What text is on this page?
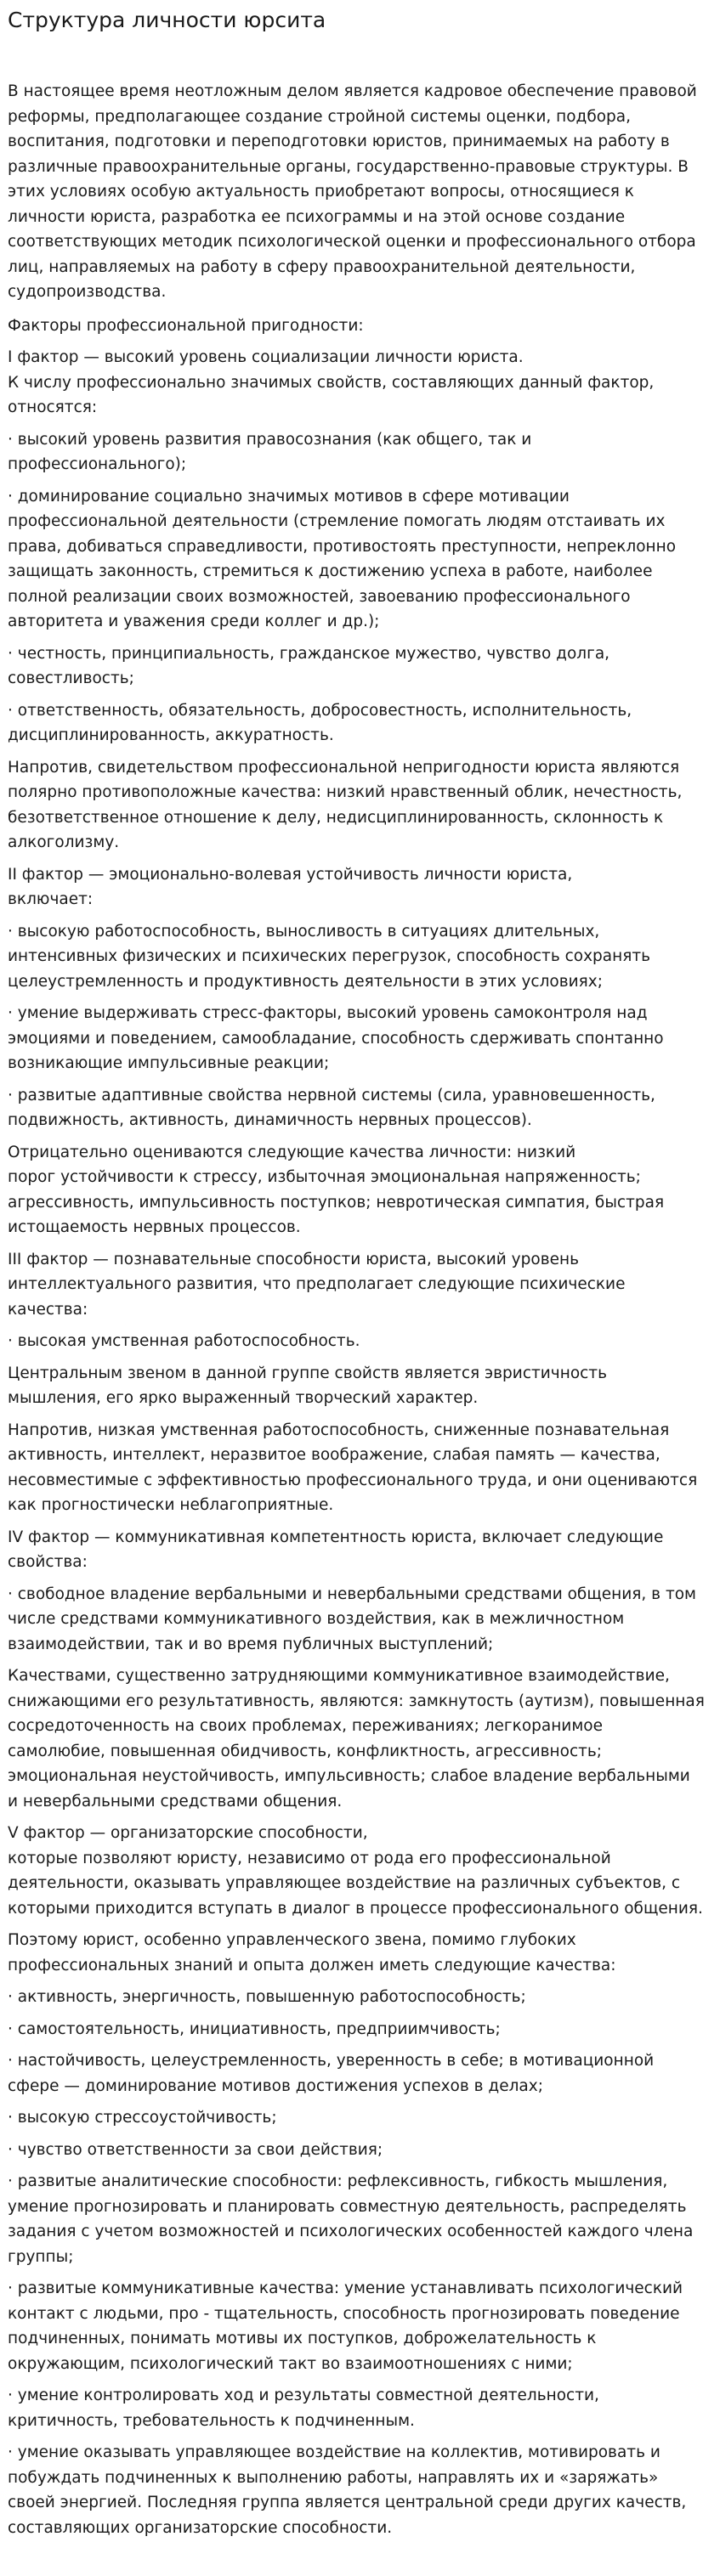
Структура личности юрсита

В настоящее время неотложным делом является кадровое обеспечение правовой реформы, предполагающее создание стройной системы оценки, подбора, воспитания, подготовки и переподготовки юристов, принимаемых на работу в различные правоохранительные органы, государственно-правовые структуры. В этих условиях особую актуальность приобретают вопросы, относящиеся к личности юриста, разработка ее психограммы и на этой основе создание соответствующих методик психологической оценки и профессионального отбора лиц, направляемых на работу в сферу правоохранительной деятельности, судопроизводства.

Факторы профессиональной пригодности:

I фактор — высокий уровень социализации личности юриста.
К числу профессионально значимых свойств, составляющих данный фактор, относятся:

· высокий уровень развития правосознания (как общего, так и профессионального);

· доминирование социально значимых мотивов в сфере мотивации профессиональной деятельности (стремление помогать людям отстаивать их права, добиваться справедливости, противостоять преступности, непреклонно защищать законность, стремиться к достижению успеха в работе, наиболее полной реализации своих возможностей, завоеванию профессионального авторитета и уважения среди коллег и др.);

· честность, принципиальность, гражданское мужество, чувство долга, совестливость;

· ответственность, обязательность, добросовестность, исполнительность, дисциплинированность, аккуратность.

Напротив, свидетельством профессиональной непригодности юриста являются полярно противоположные качества: низкий нравственный облик, нечестность, безответственное отношение к делу, недисциплинированность, склонность к алкоголизму.

II фактор — эмоционально-волевая устойчивость личности юриста,
включает:

· высокую работоспособность, выносливость в ситуациях длительных, интенсивных физических и психических перегрузок, способность сохранять целеустремленность и продуктивность деятельности в этих условиях;

· умение выдерживать стресс-факторы, высокий уровень самоконтроля над эмоциями и поведением, самообладание, способность сдерживать спонтанно возникающие импульсивные реакции;

· развитые адаптивные свойства нервной системы (сила, уравновешенность, подвижность, активность, динамичность нервных процессов).

Отрицательно оцениваются следующие качества личности: низкий
порог устойчивости к стрессу, избыточная эмоциональная напряженность; агрессивность, импульсивность поступков; невротическая симпатия, быстрая истощаемость нервных процессов.

III фактор — познавательные способности юриста, высокий уровень интеллектуального развития, что предполагает следующие психические качества:

· высокая умственная работоспособность.

Центральным звеном в данной группе свойств является эвристичность мышления, его ярко выраженный творческий характер.

Напротив, низкая умственная работоспособность, сниженные познавательная активность, интеллект, неразвитое воображение, слабая память — качества, несовместимые с эффективностью профессионального труда, и они оцениваются как прогностически неблагоприятные.

IV фактор — коммуникативная компетентность юриста, включает следующие
свойства:

· свободное владение вербальными и невербальными средствами общения, в том числе средствами коммуникативного воздействия, как в межличностном взаимодействии, так и во время публичных выступлений;

Качествами, существенно затрудняющими коммуникативное взаимодействие, снижающими его результативность, являются: замкнутость (аутизм), повышенная сосредоточенность на своих проблемах, переживаниях; легкоранимое самолюбие, повышенная обидчивость, конфликтность, агрессивность; эмоциональная неустойчивость, импульсивность; слабое владение вербальными и невербальными средствами общения.

V фактор — организаторские способности,
которые позволяют юристу, независимо от рода его профессиональной деятельности, оказывать управляющее воздействие на различных субъектов, с которыми приходится вступать в диалог в процессе профессионального общения.

Поэтому юрист, особенно управленческого звена, помимо глубоких профессиональных знаний и опыта должен иметь следующие качества:

· активность, энергичность, повышенную работоспособность;

· самостоятельность, инициативность, предприимчивость;

· настойчивость, целеустремленность, уверенность в себе; в мотивационной сфере — доминирование мотивов достижения успехов в делах;

· высокую стрессоустойчивость;

· чувство ответственности за свои действия;

· развитые аналитические способности: рефлексивность, гибкость мышления, умение прогнозировать и планировать совместную деятельность, распределять задания с учетом возможностей и психологических особенностей каждого члена группы;

· развитые коммуникативные качества: умение устанавливать психологический контакт с людьми, про - тщательность, способность прогнозировать поведение подчиненных, понимать мотивы их поступков, доброжелательность к окружающим, психологический такт во взаимоотношениях с ними;

· умение контролировать ход и результаты совместной деятельности, критичность, требовательность к подчиненным.

· умение оказывать управляющее воздействие на коллектив, мотивировать и побуждать подчиненных к выполнению работы, направлять их и «заряжать» своей энергией. Последняя группа является центральной среди других качеств, составляющих организаторские способности.
